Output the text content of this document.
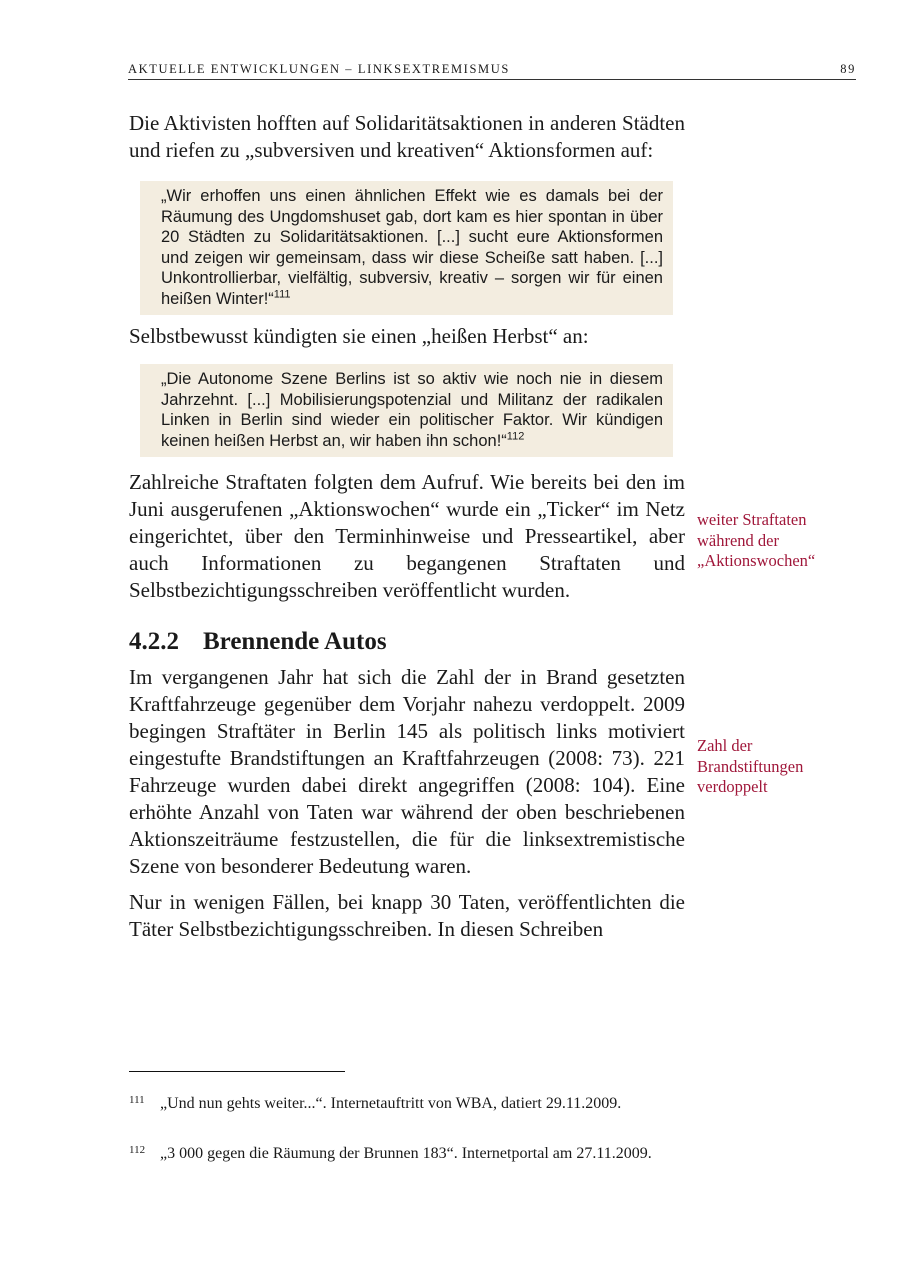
AKTUELLE ENTWICKLUNGEN – LINKSEXTREMISMUS	89

Die Aktivisten hofften auf Solidaritätsaktionen in anderen Städten und riefen zu „subversiven und kreativen“ Aktionsformen auf:

„Wir erhoffen uns einen ähnlichen Effekt wie es damals bei der Räumung des Ungdomshuset gab, dort kam es hier spontan in über 20 Städten zu Solidaritätsaktionen. [...] sucht eure Aktionsformen und zeigen wir gemeinsam, dass wir diese Scheiße satt haben. [...] Unkontrollierbar, vielfältig, subversiv, kreativ – sorgen wir für einen heißen Winter!“$^{111}$

Selbstbewusst kündigten sie einen „heißen Herbst“ an:

„Die Autonome Szene Berlins ist so aktiv wie noch nie in diesem Jahrzehnt. [...] Mobilisierungspotenzial und Militanz der radikalen Linken in Berlin sind wieder ein politischer Faktor. Wir kündigen keinen heißen Herbst an, wir haben ihn schon!“$^{112}$

Zahlreiche Straftaten folgten dem Aufruf. Wie bereits bei den im Juni ausgerufenen „Aktionswochen“ wurde ein „Ticker“ im Netz eingerichtet, über den Terminhinweise und Presseartikel, aber auch Informationen zu begangenen Straftaten und Selbstbezichtigungsschreiben veröffentlicht wurden.

4.2.2 Brennende Autos

Im vergangenen Jahr hat sich die Zahl der in Brand gesetzten Kraftfahrzeuge gegenüber dem Vorjahr nahezu verdoppelt. 2009 begingen Straftäter in Berlin 145 als politisch links motiviert eingestufte Brandstiftungen an Kraftfahrzeugen (2008: 73). 221 Fahrzeuge wurden dabei direkt angegriffen (2008: 104). Eine erhöhte Anzahl von Taten war während der oben beschriebenen Aktionszeiträume festzustellen, die für die linksextremistische Szene von besonderer Bedeutung waren.

Nur in wenigen Fällen, bei knapp 30 Taten, veröffentlichten die Täter Selbstbezichtigungsschreiben. In diesen Schreiben

weiter Straftaten während der „Aktionswochen“
Zahl der Brandstiftungen verdoppelt
111 „Und nun gehts weiter...“. Internetauftritt von WBA, datiert 29.11.2009.
112 „3 000 gegen die Räumung der Brunnen 183“. Internetportal am 27.11.2009.
